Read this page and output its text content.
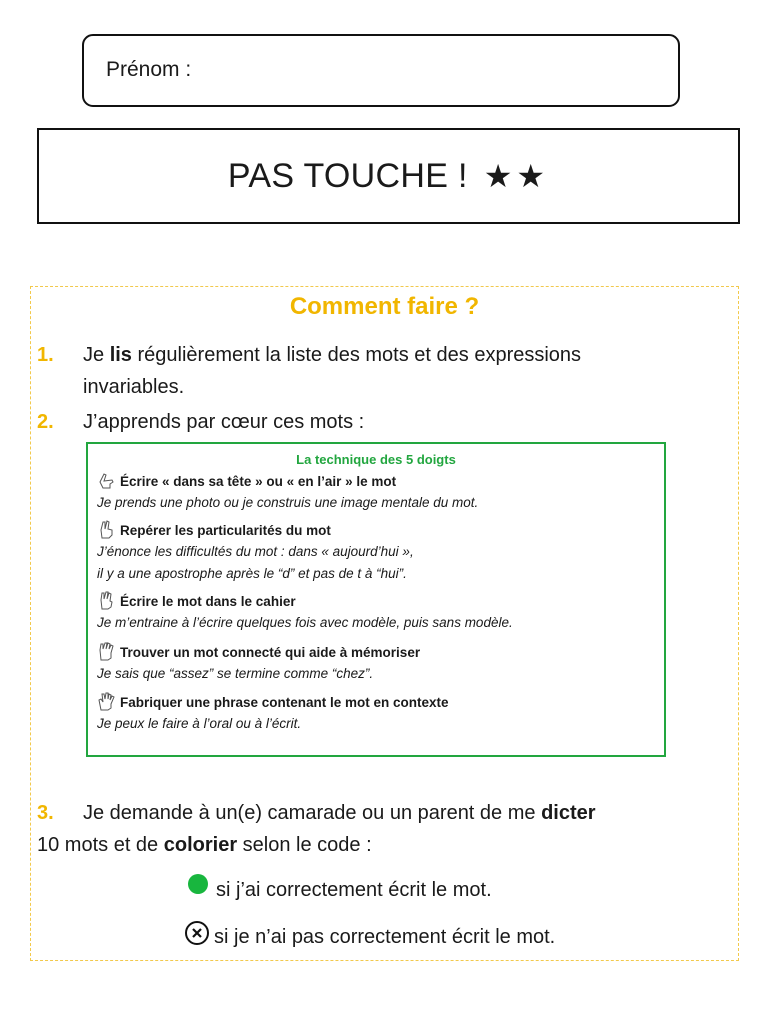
Prénom :
PAS TOUCHE ! ★★
Comment faire ?
1. Je lis régulièrement la liste des mots et des expressions
invariables.
2. J’apprends par cœur ces mots :
La technique des 5 doigts
Écrire « dans sa tête » ou « en l’air » le mot
Je prends une photo ou je construis une image mentale du mot.
Repérer les particularités du mot
J’énonce les difficultés du mot : dans « aujourd’hui »,
il y a une apostrophe après le “d” et pas de t à “hui”.
Écrire le mot dans le cahier
Je m’entraine à l’écrire quelques fois avec modèle, puis sans modèle.
Trouver un mot connecté qui aide à mémoriser
Je sais que “assez” se termine comme “chez”.
Fabriquer une phrase contenant le mot en contexte
Je peux le faire à l’oral ou à l’écrit.
3. Je demande à un(e) camarade ou un parent de me dicter
10 mots et de colorier selon le code :
si j’ai correctement écrit le mot.
si je n’ai pas correctement écrit le mot.
